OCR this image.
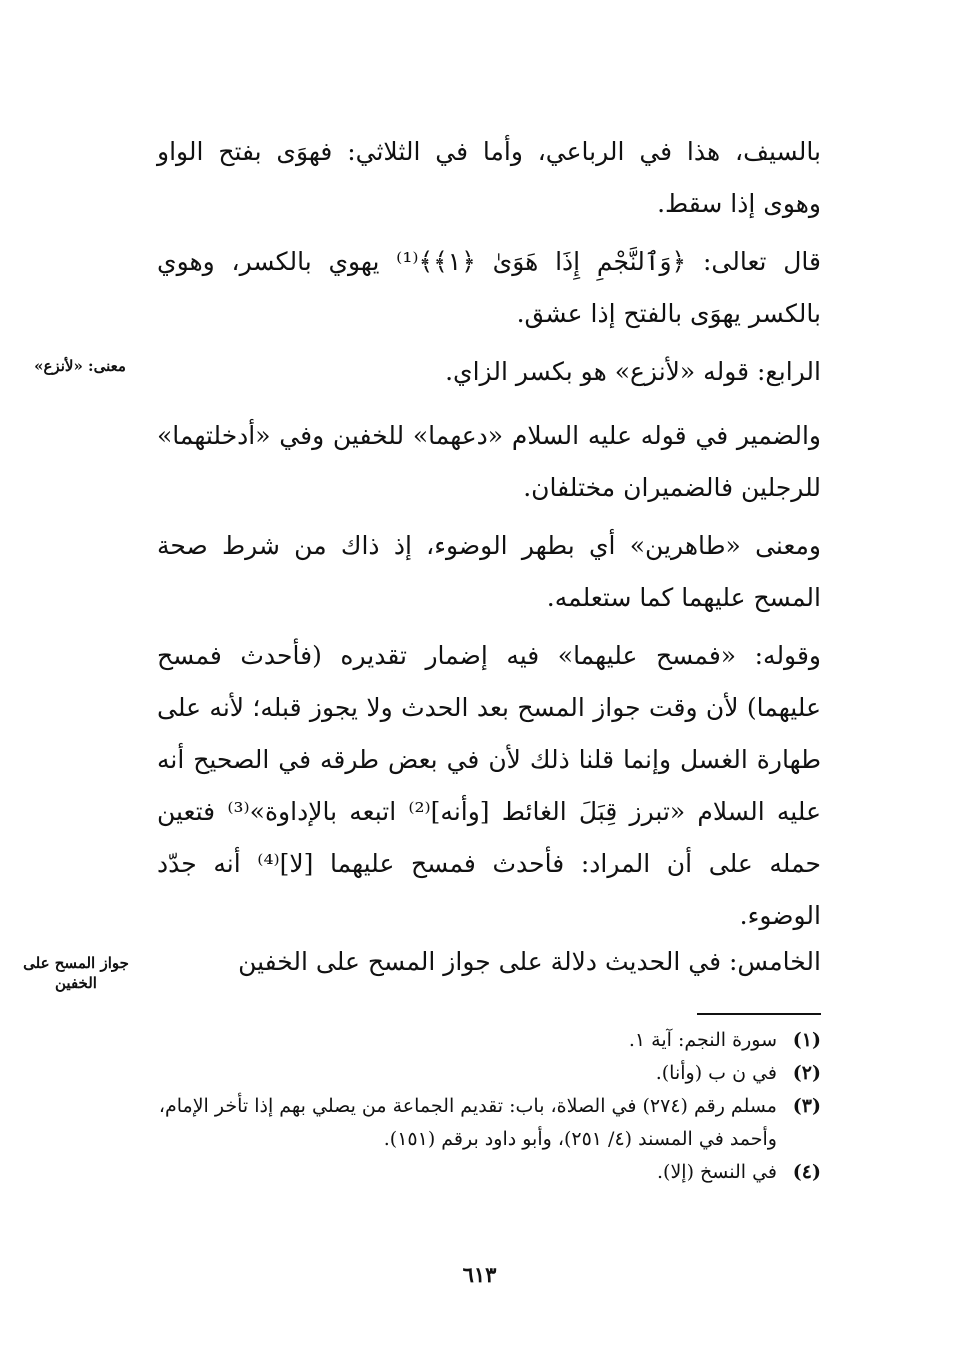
بالسيف، هذا في الرباعي، وأما في الثلاثي: فهوَى بفتح الواو وهوى إذا سقط.
قال تعالى: ﴿وَٱلنَّجْمِ إِذَا هَوَىٰ ﴿١﴾﴾⁽¹⁾ يهوي بالكسر، وهوي بالكسر يهوَى بالفتح إذا عشق.
الرابع: قوله «لأنزع» هو بكسر الزاي.
معنى: «لأنزع»
والضمير في قوله عليه السلام «دعهما» للخفين وفي «أدخلتهما» للرجلين فالضميران مختلفان.
ومعنى «طاهرين» أي بطهر الوضوء، إذ ذاك من شرط صحة المسح عليهما كما ستعلمه.
وقوله: «فمسح عليهما» فيه إضمار تقديره (فأحدث فمسح عليهما) لأن وقت جواز المسح بعد الحدث ولا يجوز قبله؛ لأنه على طهارة الغسل وإنما قلنا ذلك لأن في بعض طرقه في الصحيح أنه عليه السلام «تبرز قِبَلَ الغائط [وأنه]⁽²⁾ اتبعه بالإداوة»⁽³⁾ فتعين حمله على أن المراد: فأحدث فمسح عليهما [لا]⁽⁴⁾ أنه جدّد الوضوء.
الخامس: في الحديث دلالة على جواز المسح على الخفين
جواز المسح على الخفين
(١)
سورة النجم: آية ١.
(٢)
في ن ب (وأنا).
(٣)
مسلم رقم (٢٧٤) في الصلاة، باب: تقديم الجماعة من يصلي بهم إذا تأخر الإمام، وأحمد في المسند (٤/ ٢٥١)، وأبو داود برقم (١٥١).
(٤)
في النسخ (إلا).
٦١٣
